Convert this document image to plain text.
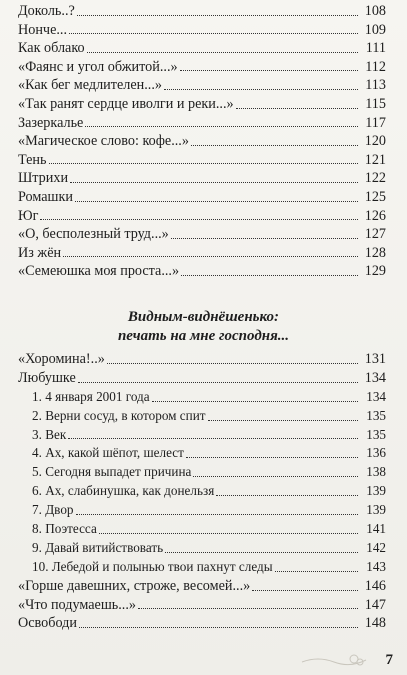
Доколь..?	108
Нонче...	109
Как облако	111
«Фаянс и угол обжитой...»	112
«Как бег медлителен...»	113
«Так ранят сердце иволги и реки...»	115
Зазеркалье	117
«Магическое слово: кофе...»	120
Тень	121
Штрихи	122
Ромашки	125
Юг	126
«О, бесполезный труд...»	127
Из жён	128
«Семеюшка моя проста...»	129
Видным-виднёшенько:
печать на мне господня...
«Хоромина!..»	131
Любушке	134
1. 4 января 2001 года	134
2. Верни сосуд, в котором спит	135
3. Век	135
4. Ах, какой шёпот, шелест	136
5. Сегодня выпадет причина	138
6. Ах, слабинушка, как донельзя	139
7. Двор	139
8. Поэтесса	141
9. Давай витийствовать	142
10. Лебедой и полынью твои пахнут следы	143
«Горше давешних, строже, весомей...»	146
«Что подумаешь...»	147
Освободи	148
7
